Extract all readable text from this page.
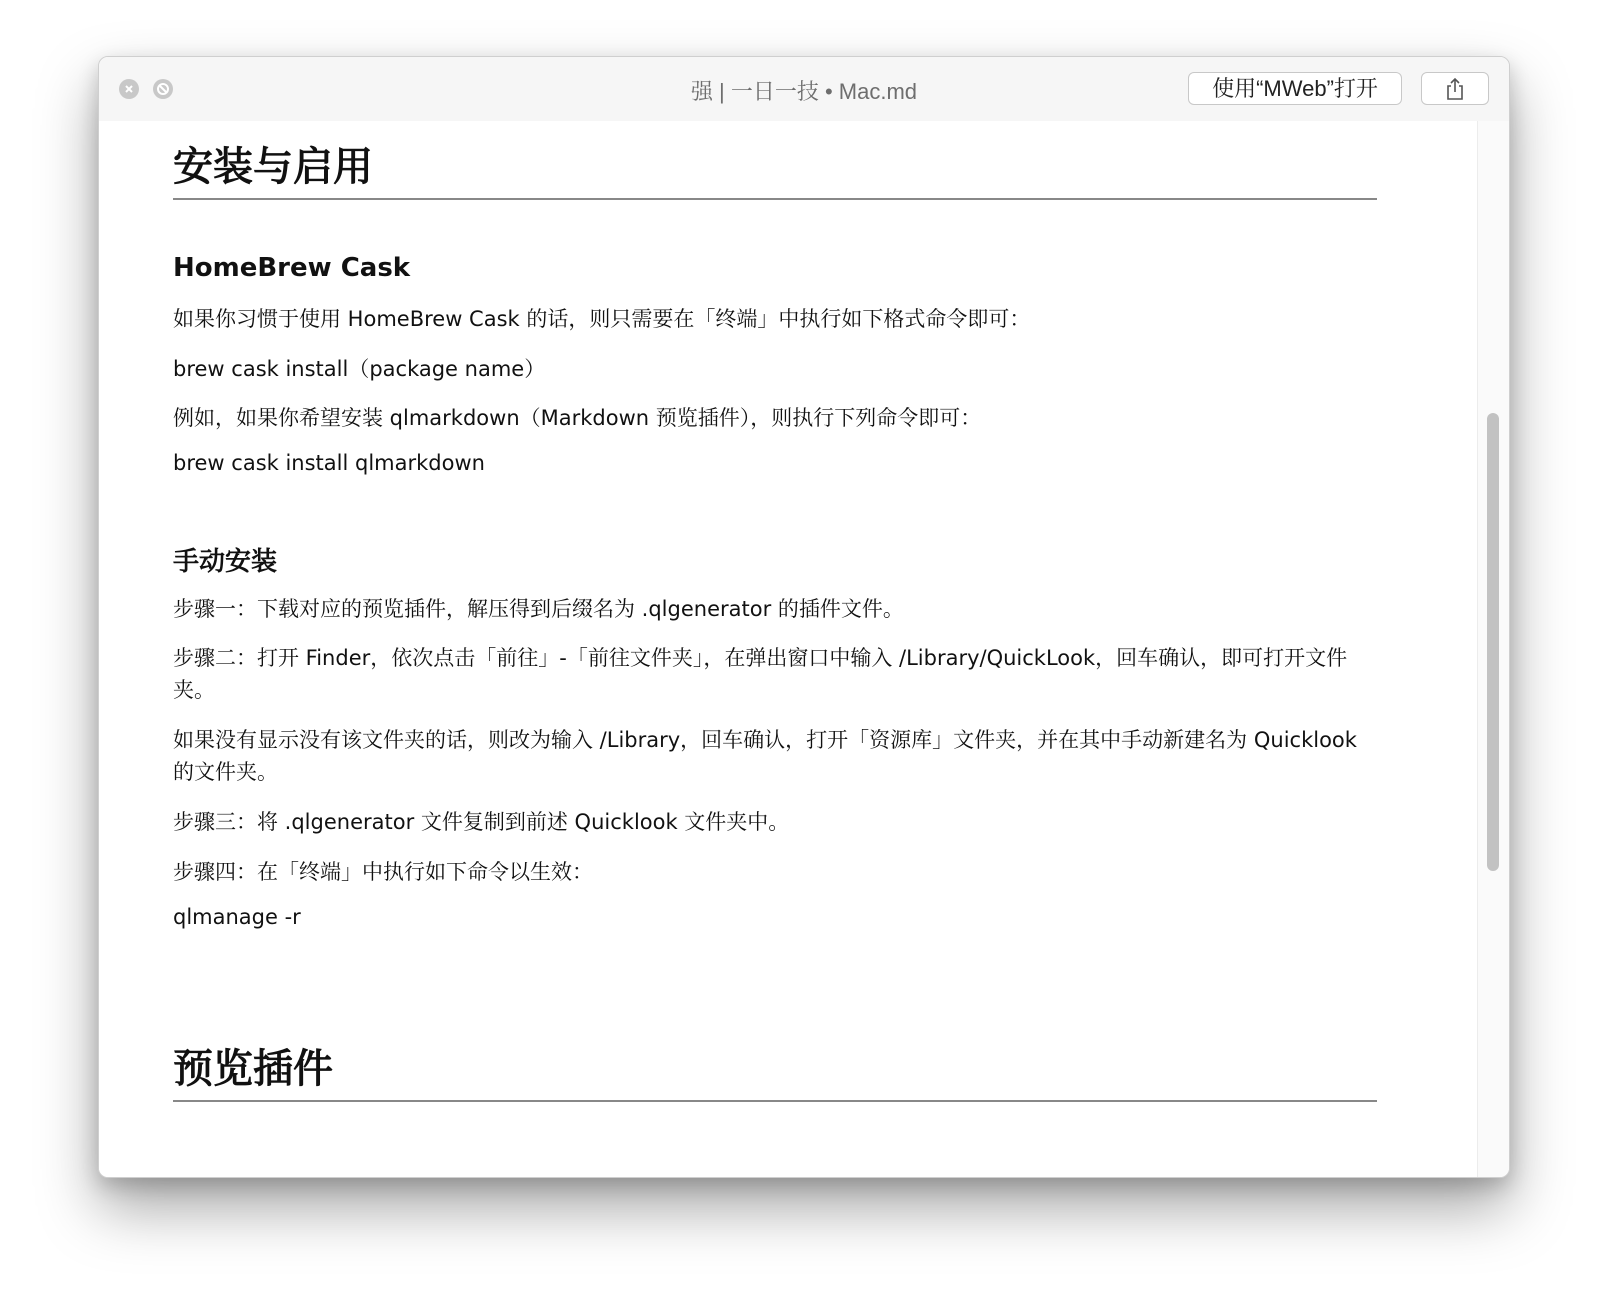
强 | 一日一技 • Mac.md	使用“MWeb”打开
安装与启用
HomeBrew Cask

如果你习惯于使用 HomeBrew Cask 的话，则只需要在「终端」中执行如下格式命令即可：

brew cask install（package name）

例如，如果你希望安装 qlmarkdown（Markdown 预览插件），则执行下列命令即可：

brew cask install qlmarkdown

手动安装

步骤一：下载对应的预览插件，解压得到后缀名为 .qlgenerator 的插件文件。

步骤二：打开 Finder，依次点击「前往」-「前往文件夹」，在弹出窗口中输入 /Library/QuickLook，回车确认，即可打开文件夹。

如果没有显示没有该文件夹的话，则改为输入 /Library，回车确认，打开「资源库」文件夹，并在其中手动新建名为 Quicklook 的文件夹。

步骤三：将 .qlgenerator 文件复制到前述 Quicklook 文件夹中。

步骤四：在「终端」中执行如下命令以生效：

qlmanage -r

预览插件
